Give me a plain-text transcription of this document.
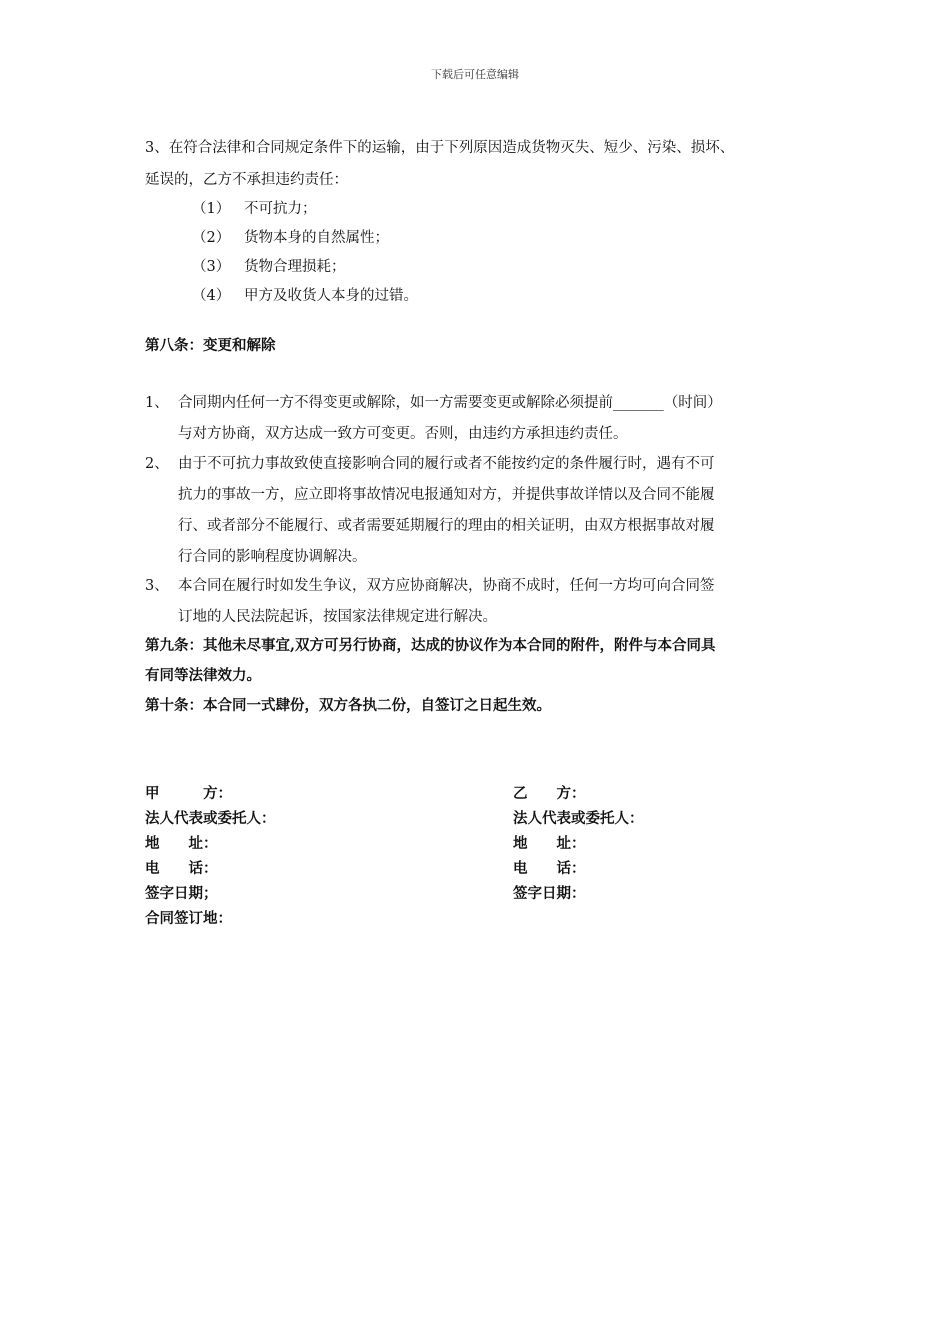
下载后可任意编辑
3、在符合法律和合同规定条件下的运输，由于下列原因造成货物灭失、短少、污染、损坏、
延误的，乙方不承担违约责任：
（1） 不可抗力；
（2） 货物本身的自然属性；
（3） 货物合理损耗；
（4） 甲方及收货人本身的过错。
第八条：变更和解除
1、 合同期内任何一方不得变更或解除，如一方需要变更或解除必须提前_______（时间）
与对方协商，双方达成一致方可变更。否则，由违约方承担违约责任。
2、 由于不可抗力事故致使直接影响合同的履行或者不能按约定的条件履行时，遇有不可
抗力的事故一方，应立即将事故情况电报通知对方，并提供事故详情以及合同不能履
行、或者部分不能履行、或者需要延期履行的理由的相关证明，由双方根据事故对履
行合同的影响程度协调解决。
3、 本合同在履行时如发生争议，双方应协商解决，协商不成时，任何一方均可向合同签
订地的人民法院起诉，按国家法律规定进行解决。
第九条：其他未尽事宜,双方可另行协商，达成的协议作为本合同的附件，附件与本合同具
有同等法律效力。
第十条：本合同一式肆份，双方各执二份，自签订之日起生效。
甲　　　方：
法人代表或委托人：
地　　址：
电　　话：
签字日期；
合同签订地：
乙　　方：
法人代表或委托人：
地　　址：
电　　话：
签字日期：
